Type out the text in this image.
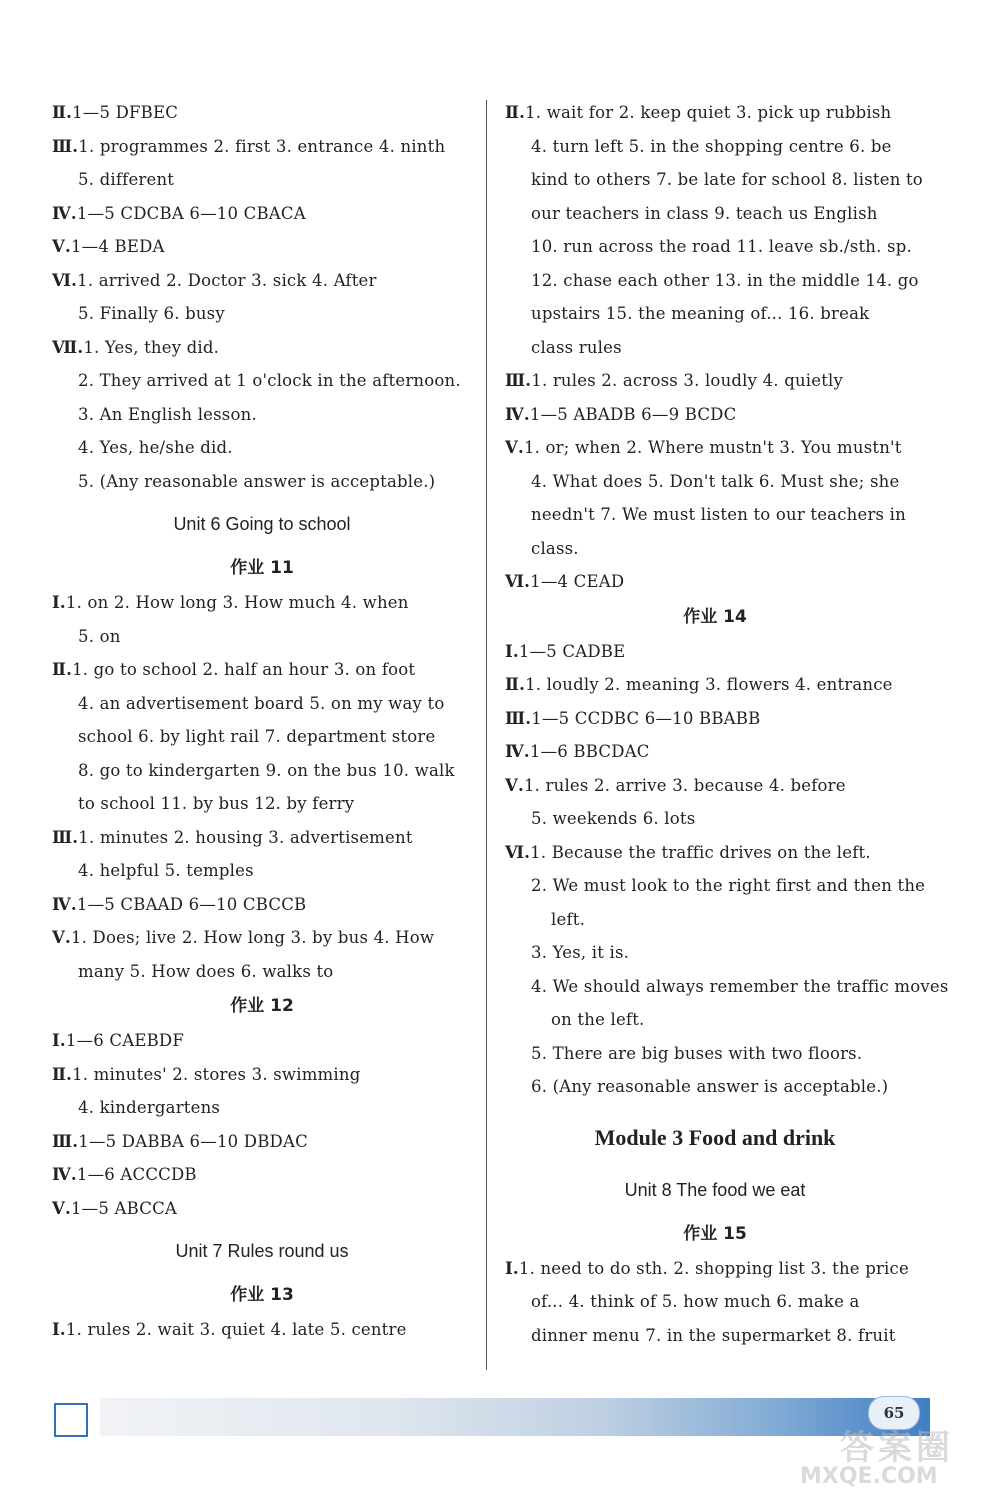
Ⅱ.1—5 DFBEC
Ⅲ.1. programmes 2. first 3. entrance 4. ninth
5. different
Ⅳ.1—5 CDCBA 6—10 CBACA
Ⅴ.1—4 BEDA
Ⅵ.1. arrived 2. Doctor 3. sick 4. After
5. Finally 6. busy
Ⅶ.1. Yes, they did.
2. They arrived at 1 o'clock in the afternoon.
3. An English lesson.
4. Yes, he/she did.
5. (Any reasonable answer is acceptable.)
Unit 6 Going to school
作业 11
Ⅰ.1. on 2. How long 3. How much 4. when
5. on
Ⅱ.1. go to school 2. half an hour 3. on foot
4. an advertisement board 5. on my way to
school 6. by light rail 7. department store
8. go to kindergarten 9. on the bus 10. walk
to school 11. by bus 12. by ferry
Ⅲ.1. minutes 2. housing 3. advertisement
4. helpful 5. temples
Ⅳ.1—5 CBAAD 6—10 CBCCB
Ⅴ.1. Does; live 2. How long 3. by bus 4. How
many 5. How does 6. walks to
作业 12
Ⅰ.1—6 CAEBDF
Ⅱ.1. minutes' 2. stores 3. swimming
4. kindergartens
Ⅲ.1—5 DABBA 6—10 DBDAC
Ⅳ.1—6 ACCCDB
Ⅴ.1—5 ABCCA
Unit 7 Rules round us
作业 13
Ⅰ.1. rules 2. wait 3. quiet 4. late 5. centre
Ⅱ.1. wait for 2. keep quiet 3. pick up rubbish
4. turn left 5. in the shopping centre 6. be
kind to others 7. be late for school 8. listen to
our teachers in class 9. teach us English
10. run across the road 11. leave sb./sth. sp.
12. chase each other 13. in the middle 14. go
upstairs 15. the meaning of... 16. break
class rules
Ⅲ.1. rules 2. across 3. loudly 4. quietly
Ⅳ.1—5 ABADB 6—9 BCDC
Ⅴ.1. or; when 2. Where mustn't 3. You mustn't
4. What does 5. Don't talk 6. Must she; she
needn't 7. We must listen to our teachers in
class.
Ⅵ.1—4 CEAD
作业 14
Ⅰ.1—5 CADBE
Ⅱ.1. loudly 2. meaning 3. flowers 4. entrance
Ⅲ.1—5 CCDBC 6—10 BBABB
Ⅳ.1—6 BBCDAC
Ⅴ.1. rules 2. arrive 3. because 4. before
5. weekends 6. lots
Ⅵ.1. Because the traffic drives on the left.
2. We must look to the right first and then the
left.
3. Yes, it is.
4. We should always remember the traffic moves
on the left.
5. There are big buses with two floors.
6. (Any reasonable answer is acceptable.)
Module 3 Food and drink
Unit 8 The food we eat
作业 15
Ⅰ.1. need to do sth. 2. shopping list 3. the price
of... 4. think of 5. how much 6. make a
dinner menu 7. in the supermarket 8. fruit
65
答案圈
MXQE.COM
